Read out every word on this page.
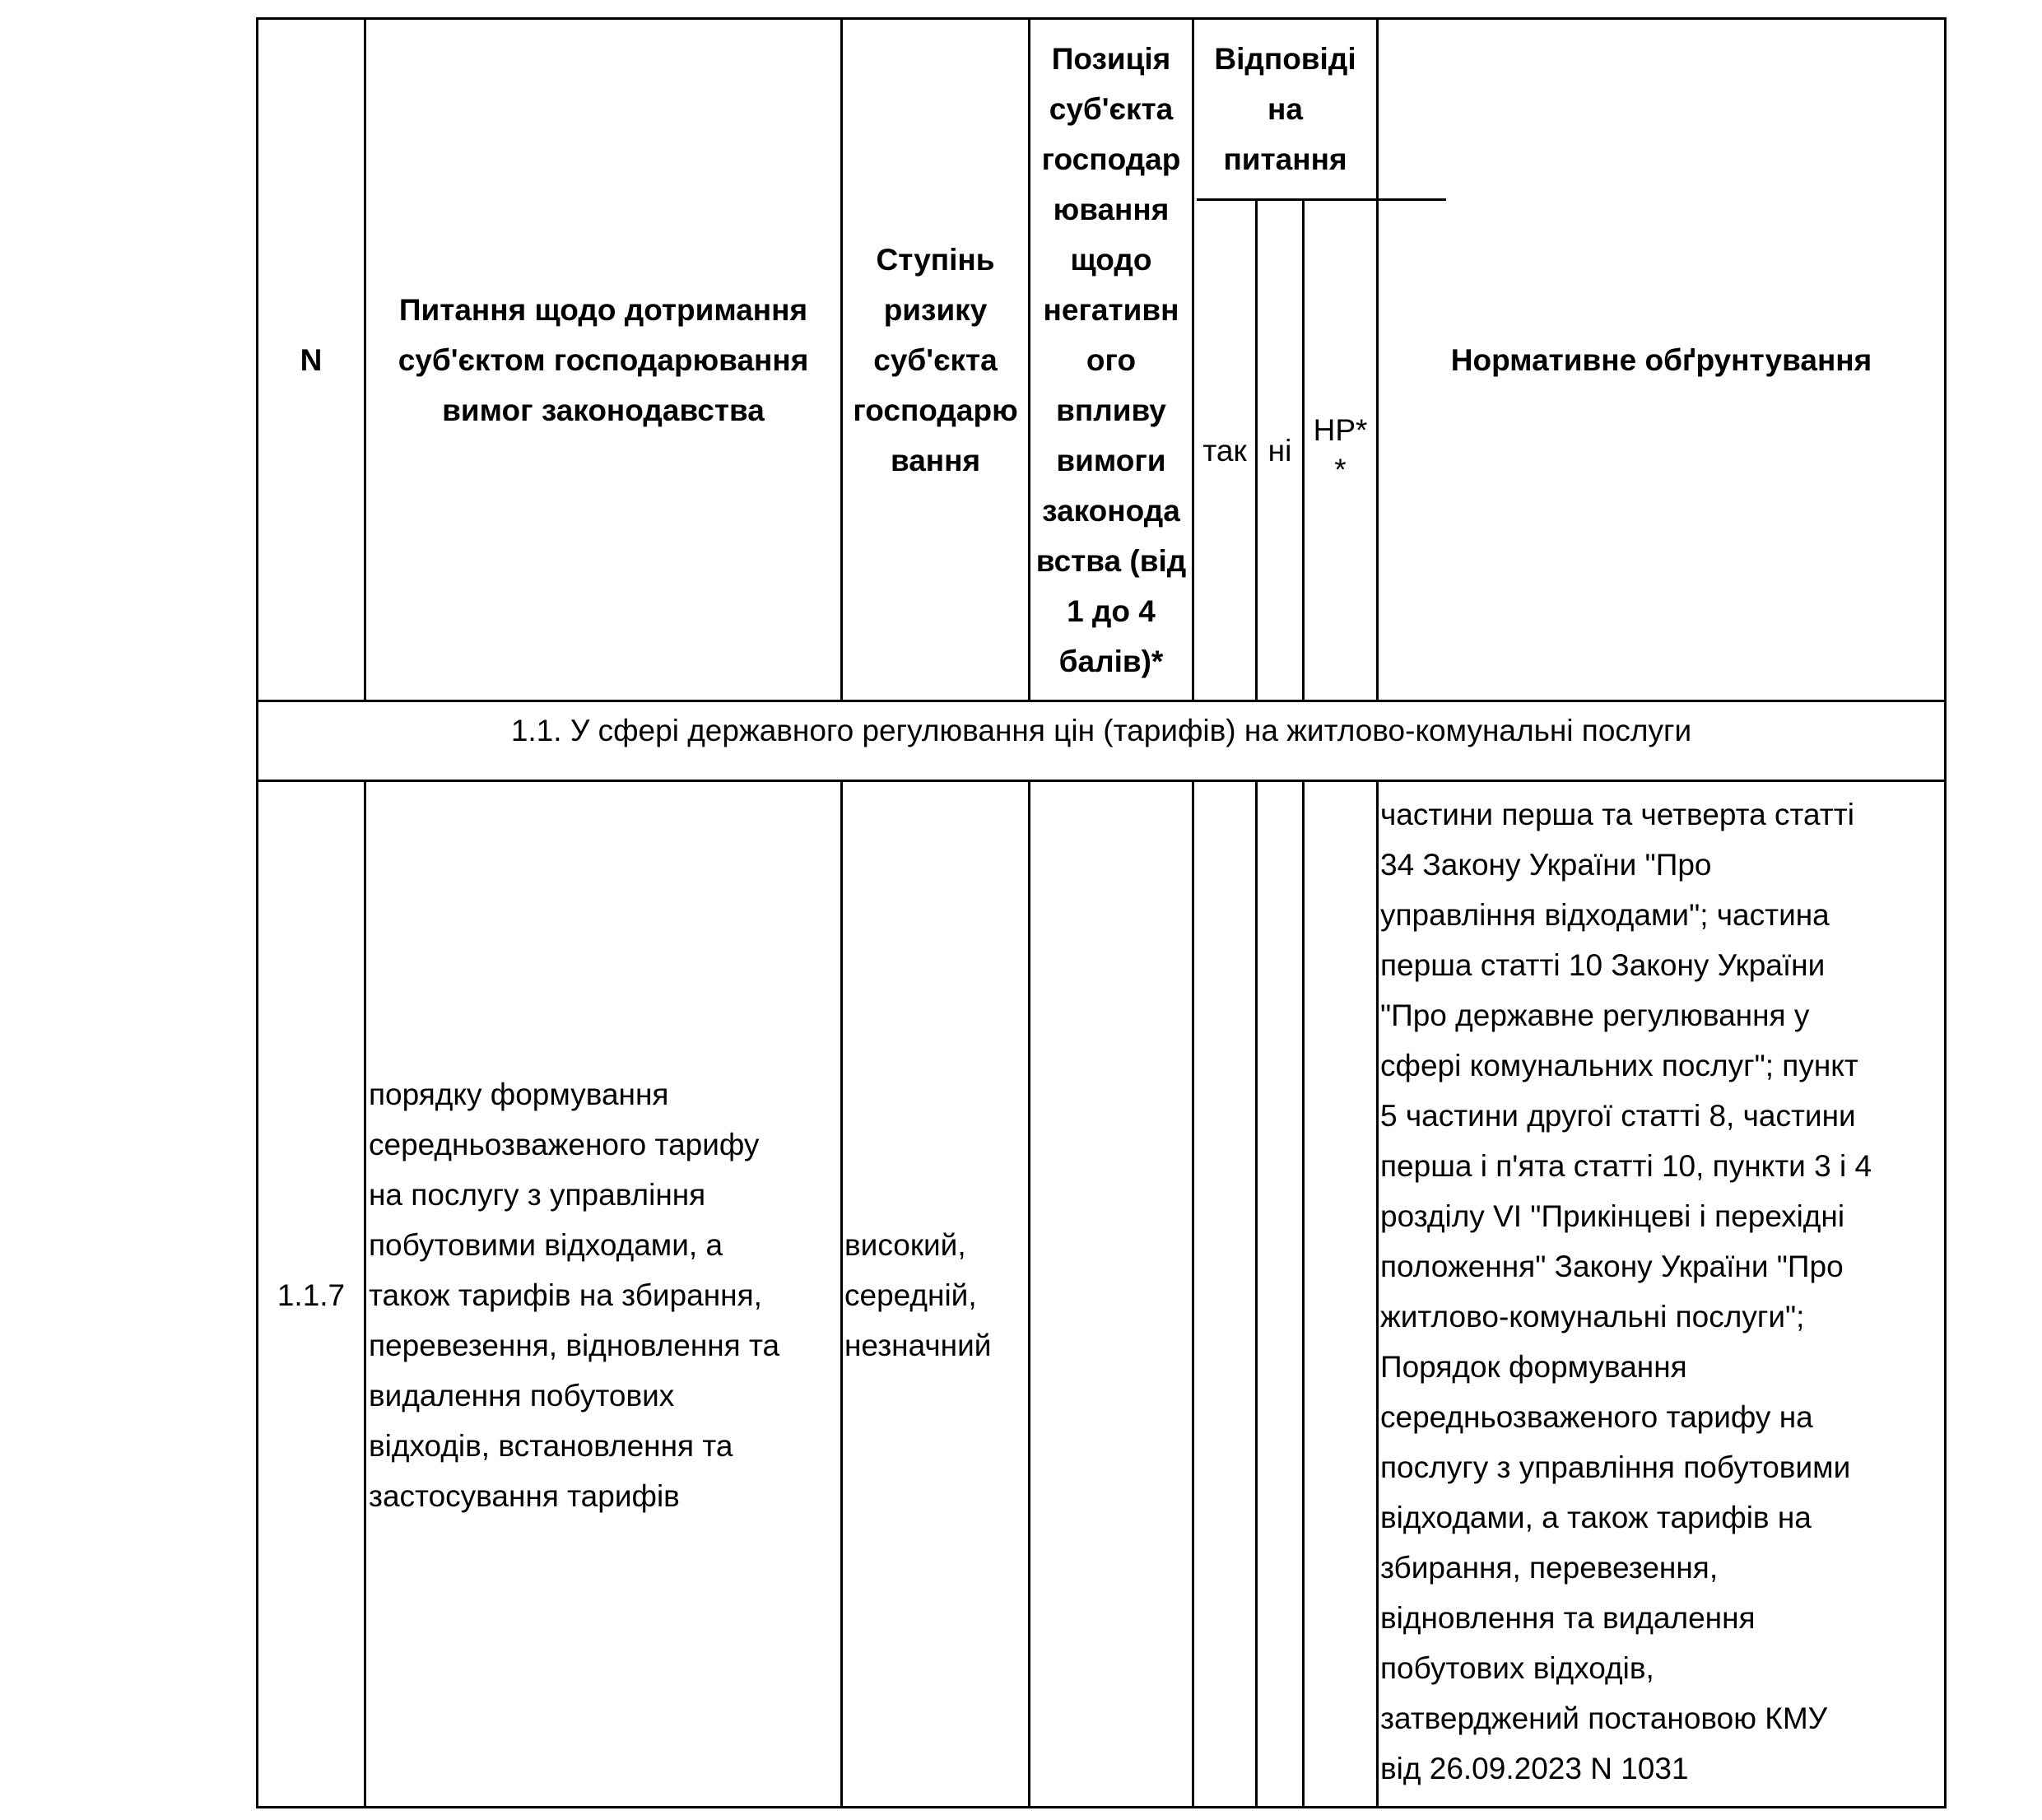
N
Питання щодо дотримання
суб'єктом господарювання
вимог законодавства
Ступінь
ризику
суб'єкта
господарю
вання
Позиція
суб'єкта
господар
ювання
щодо
негативн
ого
впливу
вимоги
законода
вства (від
1 до 4
балів)*
Відповіді
на
питання
так ні
НР*
*
Нормативне обґрунтування
1.1. У сфері державного регулювання цін (тарифів) на житлово-комунальні послуги
1.1.7
порядку формування
середньозваженого тарифу
на послугу з управління
побутовими відходами, а
також тарифів на збирання,
перевезення, відновлення та
видалення побутових
відходів, встановлення та
застосування тарифів
високий,
середній,
незначний
частини перша та четверта статті
34 Закону України "Про
управління відходами"; частина
перша статті 10 Закону України
"Про державне регулювання у
сфері комунальних послуг"; пункт
5 частини другої статті 8, частини
перша і п'ята статті 10, пункти 3 і 4
розділу VI "Прикінцеві і перехідні
положення" Закону України "Про
житлово-комунальні послуги";
Порядок формування
середньозваженого тарифу на
послугу з управління побутовими
відходами, а також тарифів на
збирання, перевезення,
відновлення та видалення
побутових відходів,
затверджений постановою КМУ
від 26.09.2023 N 1031
